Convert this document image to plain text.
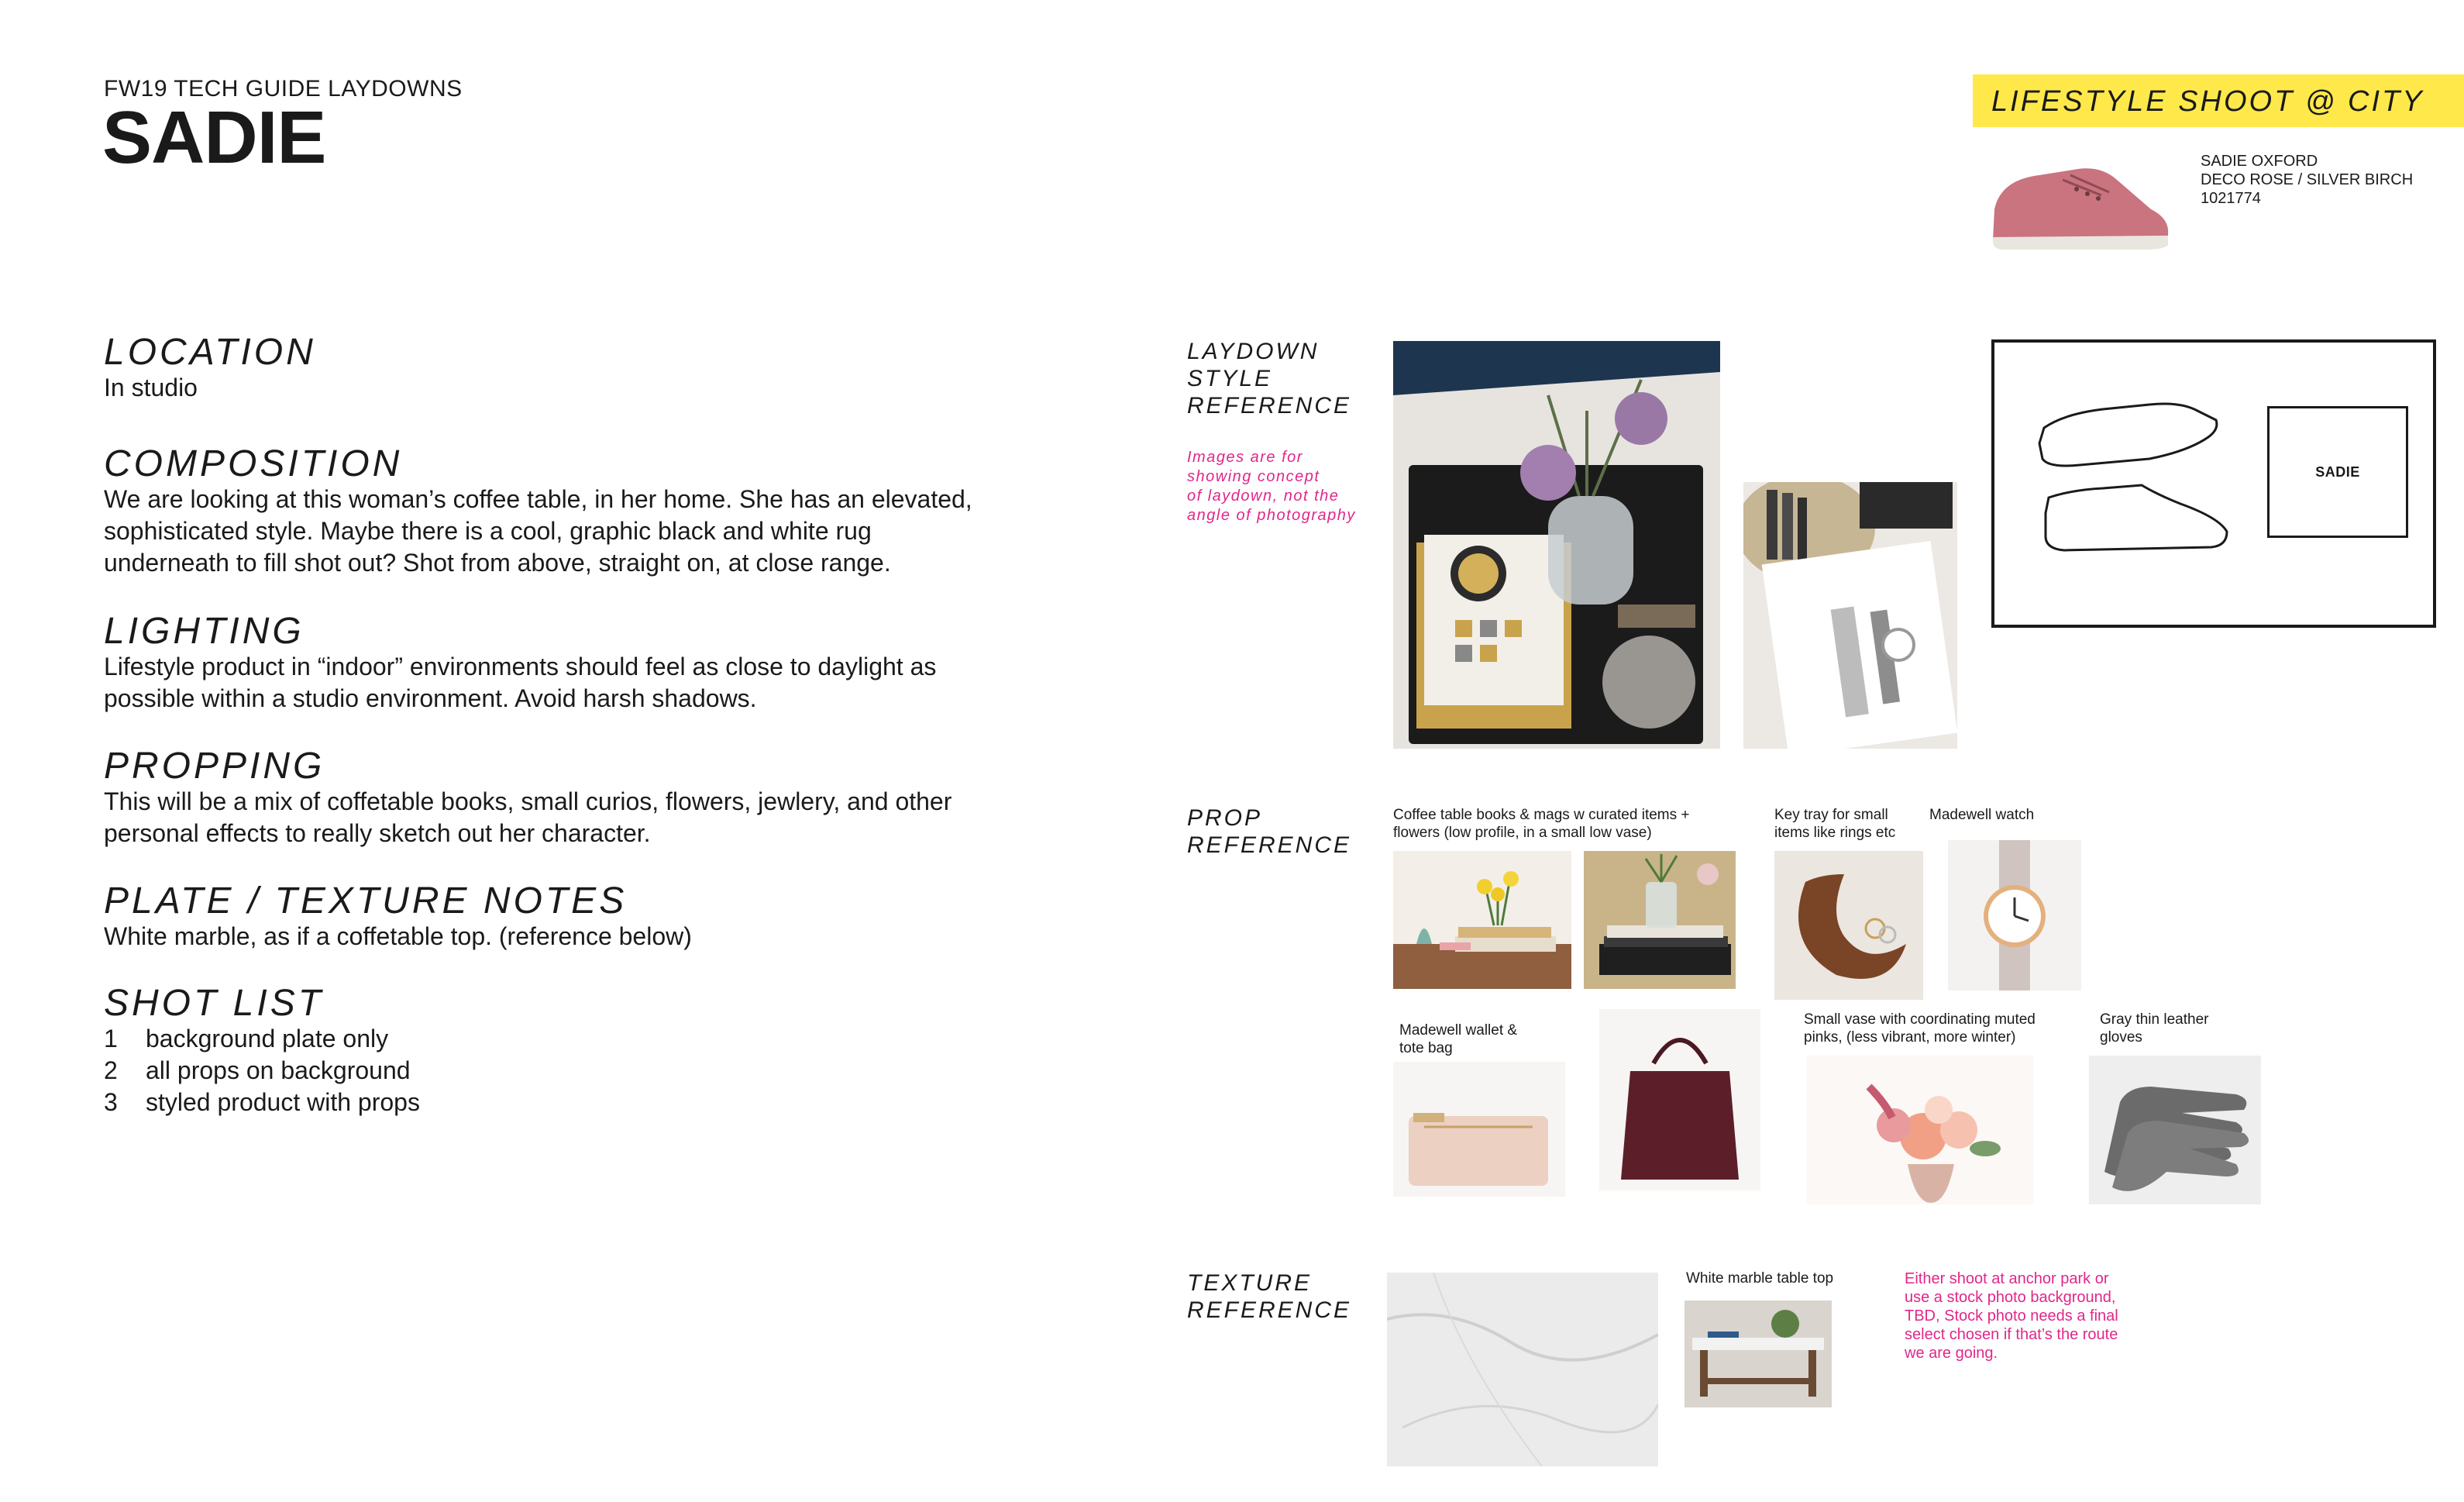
FW19 TECH GUIDE LAYDOWNS
SADIE
LOCATION
In studio
COMPOSITION
We are looking at this woman’s coffee table, in her home. She has an elevated,
sophisticated style. Maybe there is a cool, graphic black and white rug
underneath to fill shot out? Shot from above, straight on, at close range.
LIGHTING
Lifestyle product in “indoor” environments should feel as close to daylight as
possible within a studio environment. Avoid harsh shadows.
PROPPING
This will be a mix of coffetable books, small curios, flowers, jewlery, and other
personal effects to really sketch out her character.
PLATE / TEXTURE NOTES
White marble, as if a coffetable top. (reference below)
SHOT LIST
1	background plate only
2	all props on background
3	styled product with props
LIFESTYLE SHOOT @ CITY
SADIE OXFORD
DECO ROSE / SILVER BIRCH
1021774
LAYDOWN
STYLE
REFERENCE
Images are for
showing concept
of laydown, not the
angle of photography
SADIE
PROP
REFERENCE
Coffee table books & mags w curated items +
flowers (low profile, in a small low vase)
Key tray for small
items like rings etc
Madewell watch
Madewell wallet &
tote bag
Small vase with coordinating muted
pinks, (less vibrant, more winter)
Gray thin leather
gloves
TEXTURE
REFERENCE
White marble table top	Either shoot at anchor park or
use a stock photo background,
TBD, Stock photo needs a final
select chosen if that’s the route
we are going.
